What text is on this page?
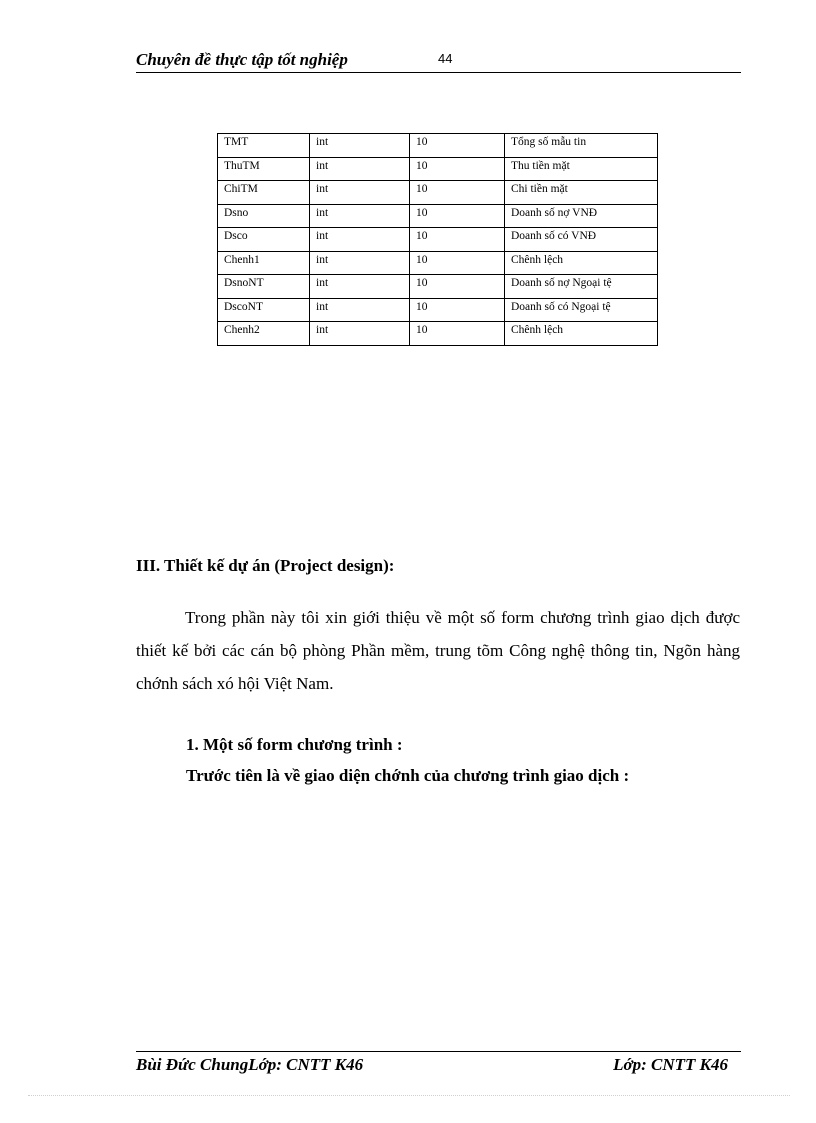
Chuyên đề thực tập tốt nghiệp	44
TMT	int	10	Tổng số mẫu tin
ThuTM	int	10	Thu tiền mặt
ChiTM	int	10	Chi tiền mặt
Dsno	int	10	Doanh số nợ VNĐ
Dsco	int	10	Doanh số có VNĐ
Chenh1	int	10	Chênh lệch
DsnoNT	int	10	Doanh số nợ Ngoại tệ
DscoNT	int	10	Doanh số có Ngoại tệ
Chenh2	int	10	Chênh lệch
III. Thiết kế dự án (Project design):

Trong phần này tôi xin giới thiệu về một số form chương trình giao dịch được thiết kế bởi các cán bộ phòng Phần mềm, trung tõm Công nghệ thông tin, Ngõn hàng chớnh sách xó hội Việt Nam.

1. Một số form chương trình :
Trước tiên là về giao diện chớnh của chương trình giao dịch :
Bùi Đức ChungLớp: CNTT K46	Lớp: CNTT K46
